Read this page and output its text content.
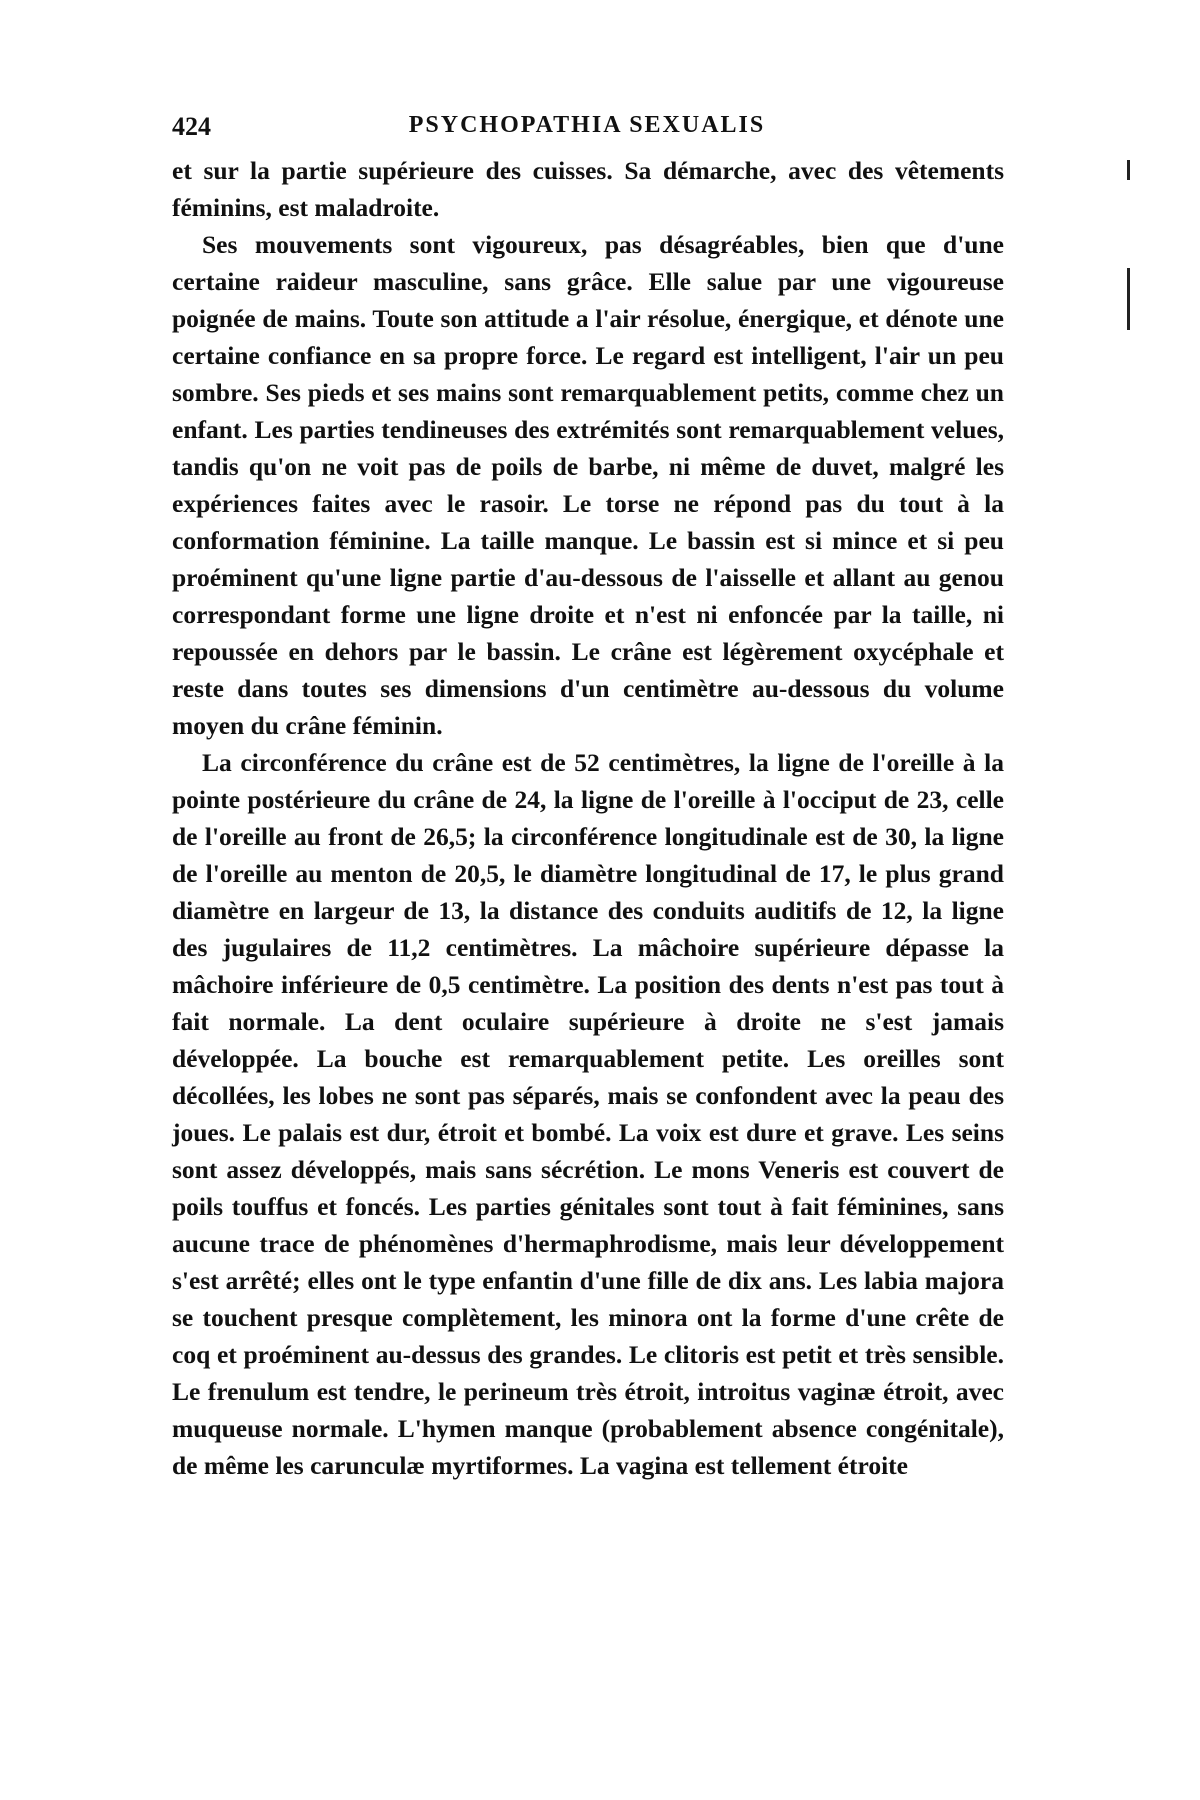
424	PSYCHOPATHIA SEXUALIS

et sur la partie supérieure des cuisses. Sa démarche, avec des vêtements féminins, est maladroite.

Ses mouvements sont vigoureux, pas désagréables, bien que d'une certaine raideur masculine, sans grâce. Elle salue par une vigoureuse poignée de mains. Toute son attitude a l'air résolue, énergique, et dénote une certaine confiance en sa propre force. Le regard est intelligent, l'air un peu sombre. Ses pieds et ses mains sont remarquablement petits, comme chez un enfant. Les parties tendineuses des extrémités sont remarquablement velues, tandis qu'on ne voit pas de poils de barbe, ni même de duvet, malgré les expériences faites avec le rasoir. Le torse ne répond pas du tout à la conformation féminine. La taille manque. Le bassin est si mince et si peu proéminent qu'une ligne partie d'au-dessous de l'aisselle et allant au genou correspondant forme une ligne droite et n'est ni enfoncée par la taille, ni repoussée en dehors par le bassin. Le crâne est légèrement oxycéphale et reste dans toutes ses dimensions d'un centimètre au-dessous du volume moyen du crâne féminin.

La circonférence du crâne est de 52 centimètres, la ligne de l'oreille à la pointe postérieure du crâne de 24, la ligne de l'oreille à l'occiput de 23, celle de l'oreille au front de 26,5; la circonférence longitudinale est de 30, la ligne de l'oreille au menton de 20,5, le diamètre longitudinal de 17, le plus grand diamètre en largeur de 13, la distance des conduits auditifs de 12, la ligne des jugulaires de 11,2 centimètres. La mâchoire supérieure dépasse la mâchoire inférieure de 0,5 centimètre. La position des dents n'est pas tout à fait normale. La dent oculaire supérieure à droite ne s'est jamais développée. La bouche est remarquablement petite. Les oreilles sont décollées, les lobes ne sont pas séparés, mais se confondent avec la peau des joues. Le palais est dur, étroit et bombé. La voix est dure et grave. Les seins sont assez développés, mais sans sécrétion. Le mons Veneris est couvert de poils touffus et foncés. Les parties génitales sont tout à fait féminines, sans aucune trace de phénomènes d'hermaphrodisme, mais leur développement s'est arrêté; elles ont le type enfantin d'une fille de dix ans. Les labia majora se touchent presque complètement, les minora ont la forme d'une crête de coq et proéminent au-dessus des grandes. Le clitoris est petit et très sensible. Le frenulum est tendre, le perineum très étroit, introitus vaginæ étroit, avec muqueuse normale. L'hymen manque (probablement absence congénitale), de même les carunculæ myrtiformes. La vagina est tellement étroite
